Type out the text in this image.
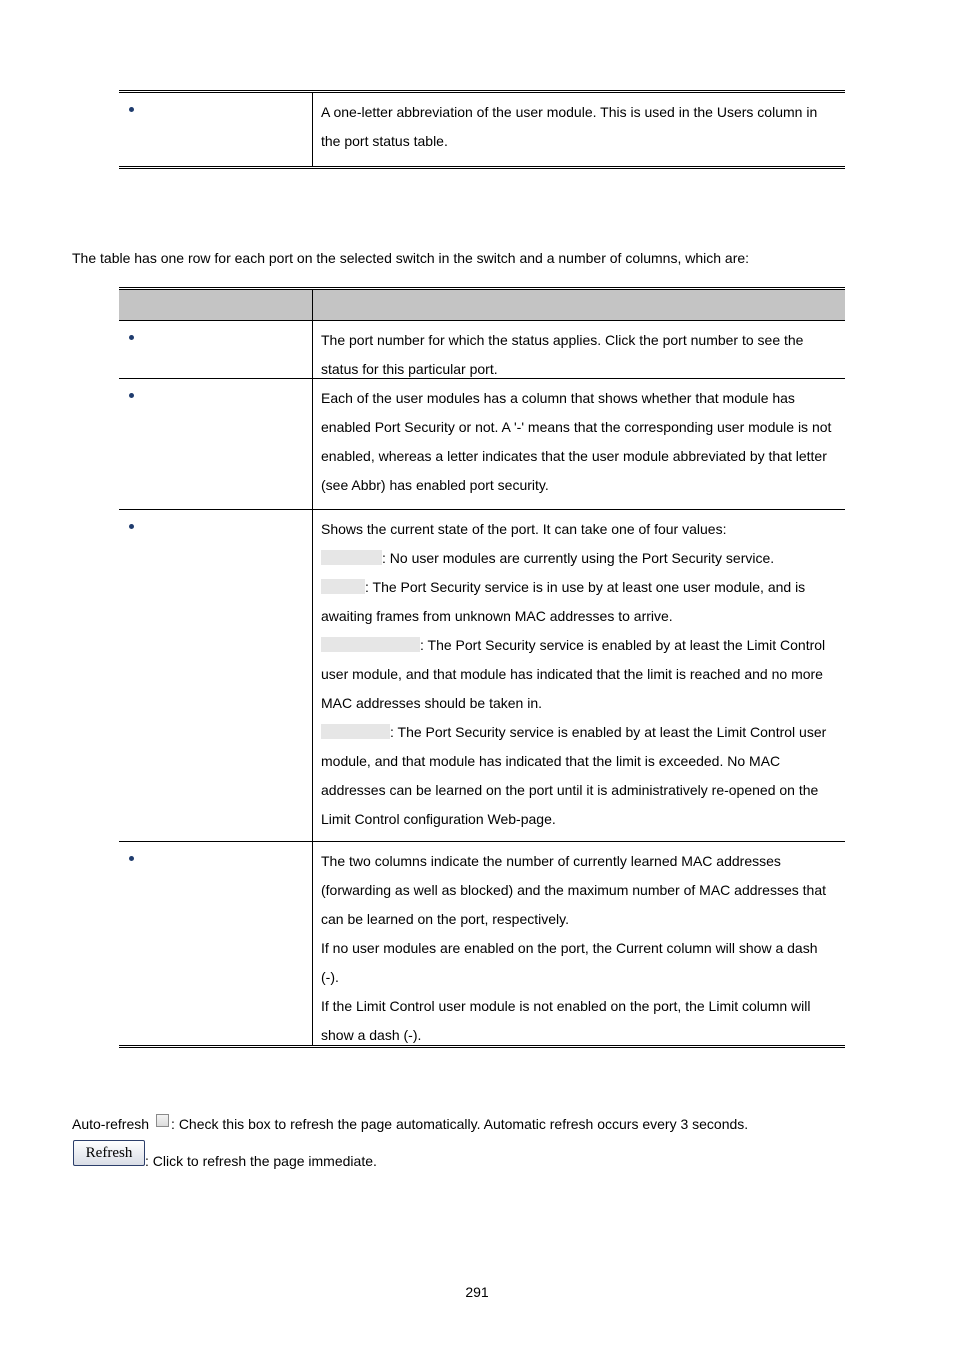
A one-letter abbreviation of the user module. This is used in the Users column in the port status table.
The table has one row for each port on the selected switch in the switch and a number of columns, which are:
The port number for which the status applies. Click the port number to see the status for this particular port.
Each of the user modules has a column that shows whether that module has enabled Port Security or not. A '-' means that the corresponding user module is not enabled, whereas a letter indicates that the user module abbreviated by that letter (see Abbr) has enabled port security.
Shows the current state of the port. It can take one of four values:
: No user modules are currently using the Port Security service.
: The Port Security service is in use by at least one user module, and is awaiting frames from unknown MAC addresses to arrive.
: The Port Security service is enabled by at least the Limit Control user module, and that module has indicated that the limit is reached and no more MAC addresses should be taken in.
: The Port Security service is enabled by at least the Limit Control user module, and that module has indicated that the limit is exceeded. No MAC addresses can be learned on the port until it is administratively re-opened on the Limit Control configuration Web-page.
The two columns indicate the number of currently learned MAC addresses (forwarding as well as blocked) and the maximum number of MAC addresses that can be learned on the port, respectively.
If no user modules are enabled on the port, the Current column will show a dash (-).
If the Limit Control user module is not enabled on the port, the Limit column will show a dash (-).
Auto-refresh : Check this box to refresh the page automatically. Automatic refresh occurs every 3 seconds.
Refresh : Click to refresh the page immediate.
291
